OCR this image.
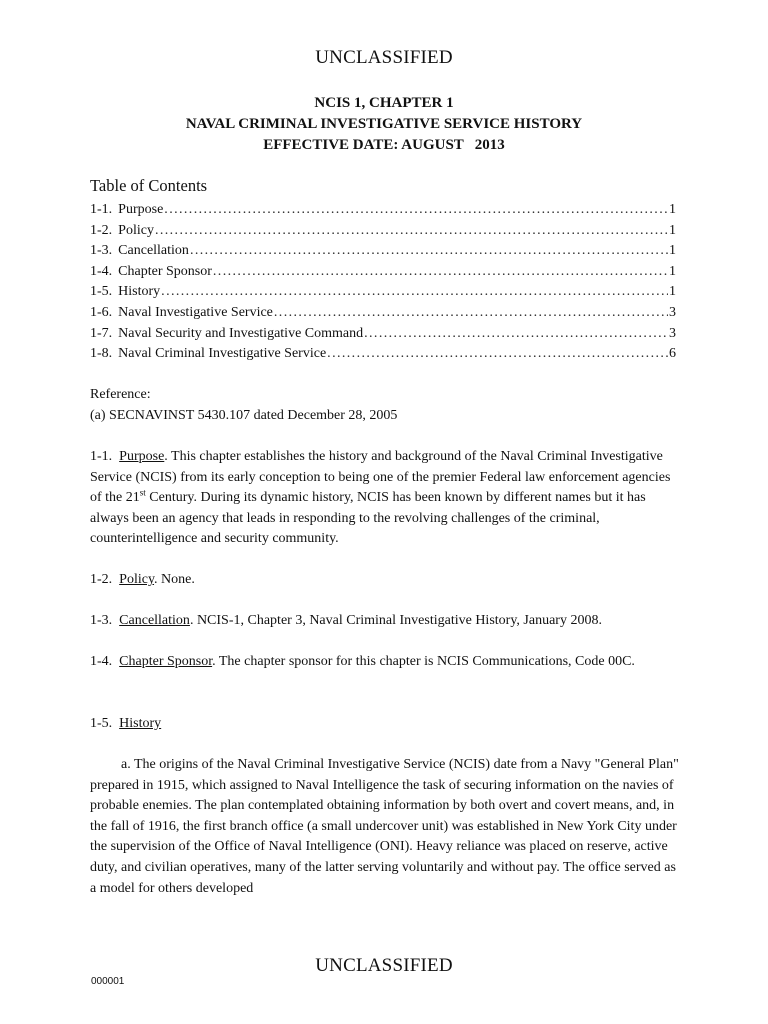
UNCLASSIFIED
NCIS 1, CHAPTER 1
NAVAL CRIMINAL INVESTIGATIVE SERVICE HISTORY
EFFECTIVE DATE: AUGUST   2013
Table of Contents
1-1. Purpose .....	1
1-2. Policy .....	1
1-3. Cancellation .....	1
1-4. Chapter Sponsor .....	1
1-5. History .....	1
1-6. Naval Investigative Service .....	3
1-7. Naval Security and Investigative Command .....	3
1-8. Naval Criminal Investigative Service .....	6
Reference:
(a) SECNAVINST 5430.107 dated December 28, 2005
1-1. Purpose. This chapter establishes the history and background of the Naval Criminal Investigative Service (NCIS) from its early conception to being one of the premier Federal law enforcement agencies of the 21st Century. During its dynamic history, NCIS has been known by different names but it has always been an agency that leads in responding to the revolving challenges of the criminal, counterintelligence and security community.
1-2. Policy. None.
1-3. Cancellation. NCIS-1, Chapter 3, Naval Criminal Investigative History, January 2008.
1-4. Chapter Sponsor. The chapter sponsor for this chapter is NCIS Communications, Code 00C.
1-5. History
a. The origins of the Naval Criminal Investigative Service (NCIS) date from a Navy "General Plan" prepared in 1915, which assigned to Naval Intelligence the task of securing information on the navies of probable enemies. The plan contemplated obtaining information by both overt and covert means, and, in the fall of 1916, the first branch office (a small undercover unit) was established in New York City under the supervision of the Office of Naval Intelligence (ONI). Heavy reliance was placed on reserve, active duty, and civilian operatives, many of the latter serving voluntarily and without pay. The office served as a model for others developed
UNCLASSIFIED
000001
